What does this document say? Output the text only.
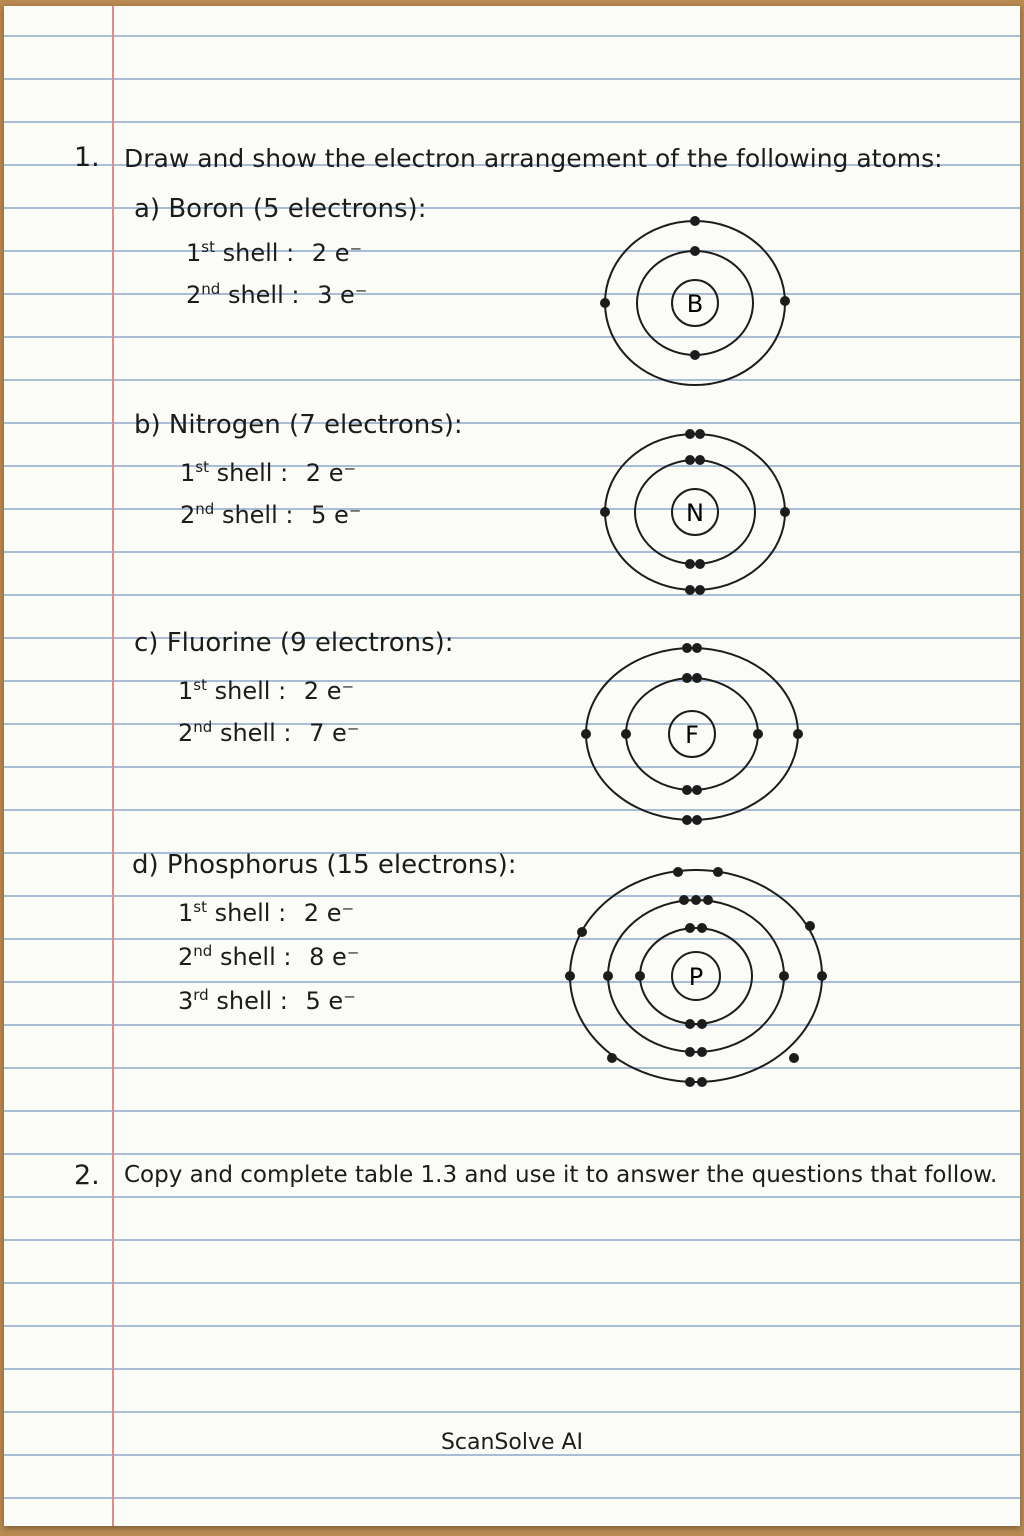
1. Draw and show the electron arrangement of the following atoms:
a) Boron (5 electrons):
1st shell : 2 e⁻
2nd shell : 3 e⁻	B
b) Nitrogen (7 electrons):
1st shell : 2 e⁻
2nd shell : 5 e⁻	N
c) Fluorine (9 electrons):
1st shell : 2 e⁻
2nd shell : 7 e⁻	F
d) Phosphorus (15 electrons):
1st shell : 2 e⁻
2nd shell : 8 e⁻
3rd shell : 5 e⁻
P
2. Copy and complete table 1.3 and use it to answer the questions that follow.
ScanSolve AI
